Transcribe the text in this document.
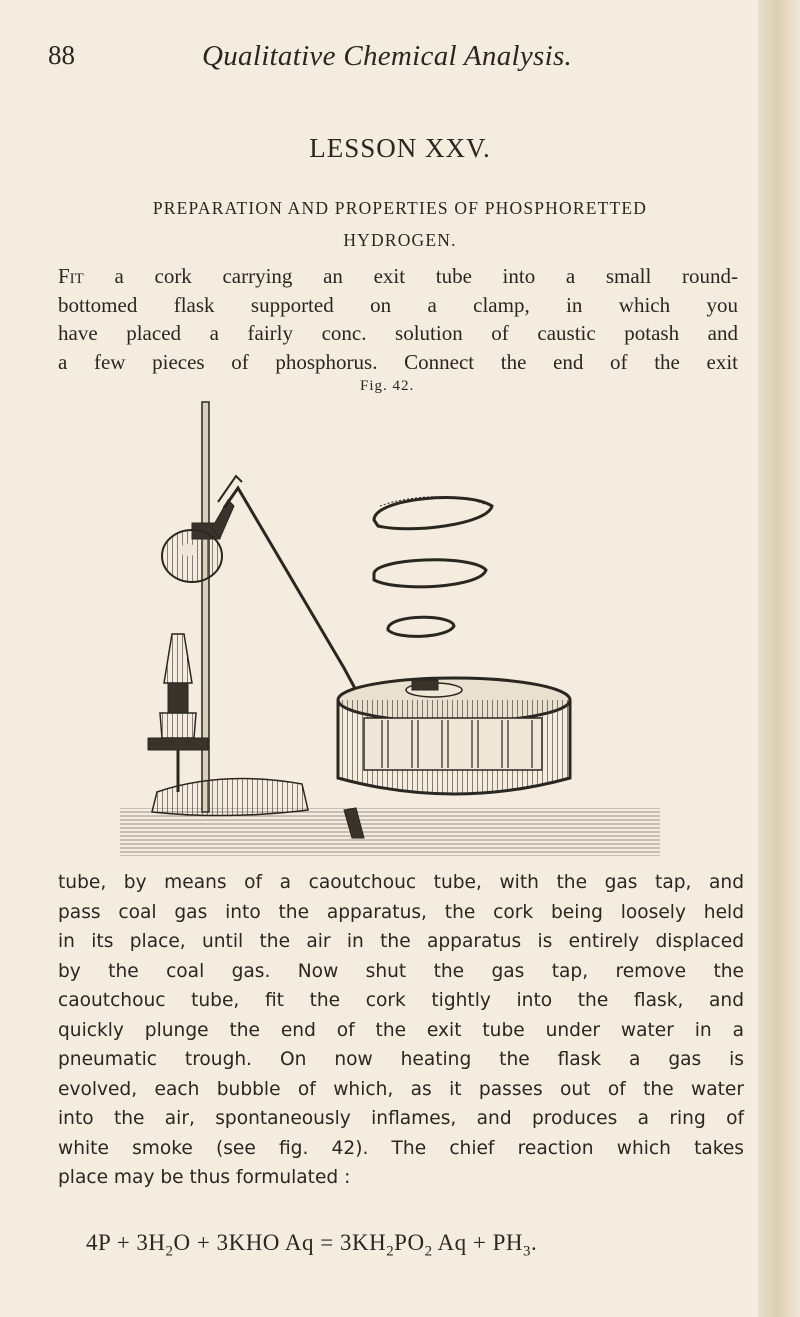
88	Qualitative Chemical Analysis.
LESSON XXV.
PREPARATION AND PROPERTIES OF PHOSPHORETTED
HYDROGEN.
Fit a cork carrying an exit tube into a small round-
bottomed flask supported on a clamp, in which you
have placed a fairly conc. solution of caustic potash and
a few pieces of phosphorus. Connect the end of the exit
Fig. 42.
tube, by means of a caoutchouc tube, with the gas tap, and
pass coal gas into the apparatus, the cork being loosely held
in its place, until the air in the apparatus is entirely displaced
by the coal gas. Now shut the gas tap, remove the
caoutchouc tube, fit the cork tightly into the flask, and
quickly plunge the end of the exit tube under water in a
pneumatic trough. On now heating the flask a gas is
evolved, each bubble of which, as it passes out of the water
into the air, spontaneously inflames, and produces a ring of
white smoke (see fig. 42). The chief reaction which takes
place may be thus formulated :
$4P + 3H_2O + 3KHO$ $Aq = 3KH_2PO_2$ $Aq + PH_3$.
